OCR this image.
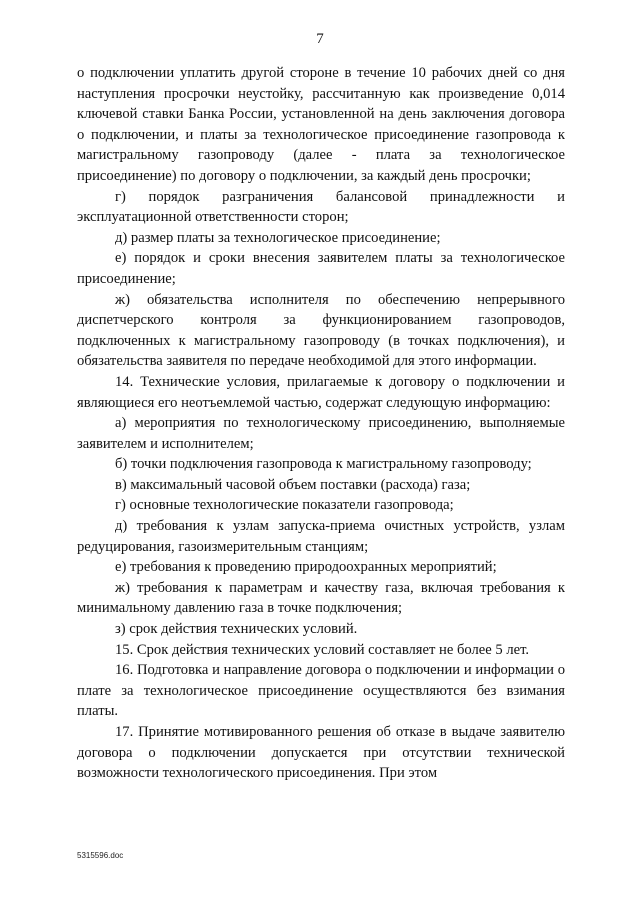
7

о подключении уплатить другой стороне в течение 10 рабочих дней со дня наступления просрочки неустойку, рассчитанную как произведение 0,014 ключевой ставки Банка России, установленной на день заключения договора о подключении, и платы за технологическое присоединение газопровода к магистральному газопроводу (далее - плата за технологическое присоединение) по договору о подключении, за каждый день просрочки;

г) порядок разграничения балансовой принадлежности и эксплуатационной ответственности сторон;

д) размер платы за технологическое присоединение;

е) порядок и сроки внесения заявителем платы за технологическое присоединение;

ж) обязательства исполнителя по обеспечению непрерывного диспетчерского контроля за функционированием газопроводов, подключенных к магистральному газопроводу (в точках подключения), и обязательства заявителя по передаче необходимой для этого информации.

14. Технические условия, прилагаемые к договору о подключении и являющиеся его неотъемлемой частью, содержат следующую информацию:

а) мероприятия по технологическому присоединению, выполняемые заявителем и исполнителем;

б) точки подключения газопровода к магистральному газопроводу;

в) максимальный часовой объем поставки (расхода) газа;

г) основные технологические показатели газопровода;

д) требования к узлам запуска-приема очистных устройств, узлам редуцирования, газоизмерительным станциям;

е) требования к проведению природоохранных мероприятий;

ж) требования к параметрам и качеству газа, включая требования к минимальному давлению газа в точке подключения;

з) срок действия технических условий.

15. Срок действия технических условий составляет не более 5 лет.

16. Подготовка и направление договора о подключении и информации о плате за технологическое присоединение осуществляются без взимания платы.

17. Принятие мотивированного решения об отказе в выдаче заявителю договора о подключении допускается при отсутствии технической возможности технологического присоединения. При этом

5315596.doc
